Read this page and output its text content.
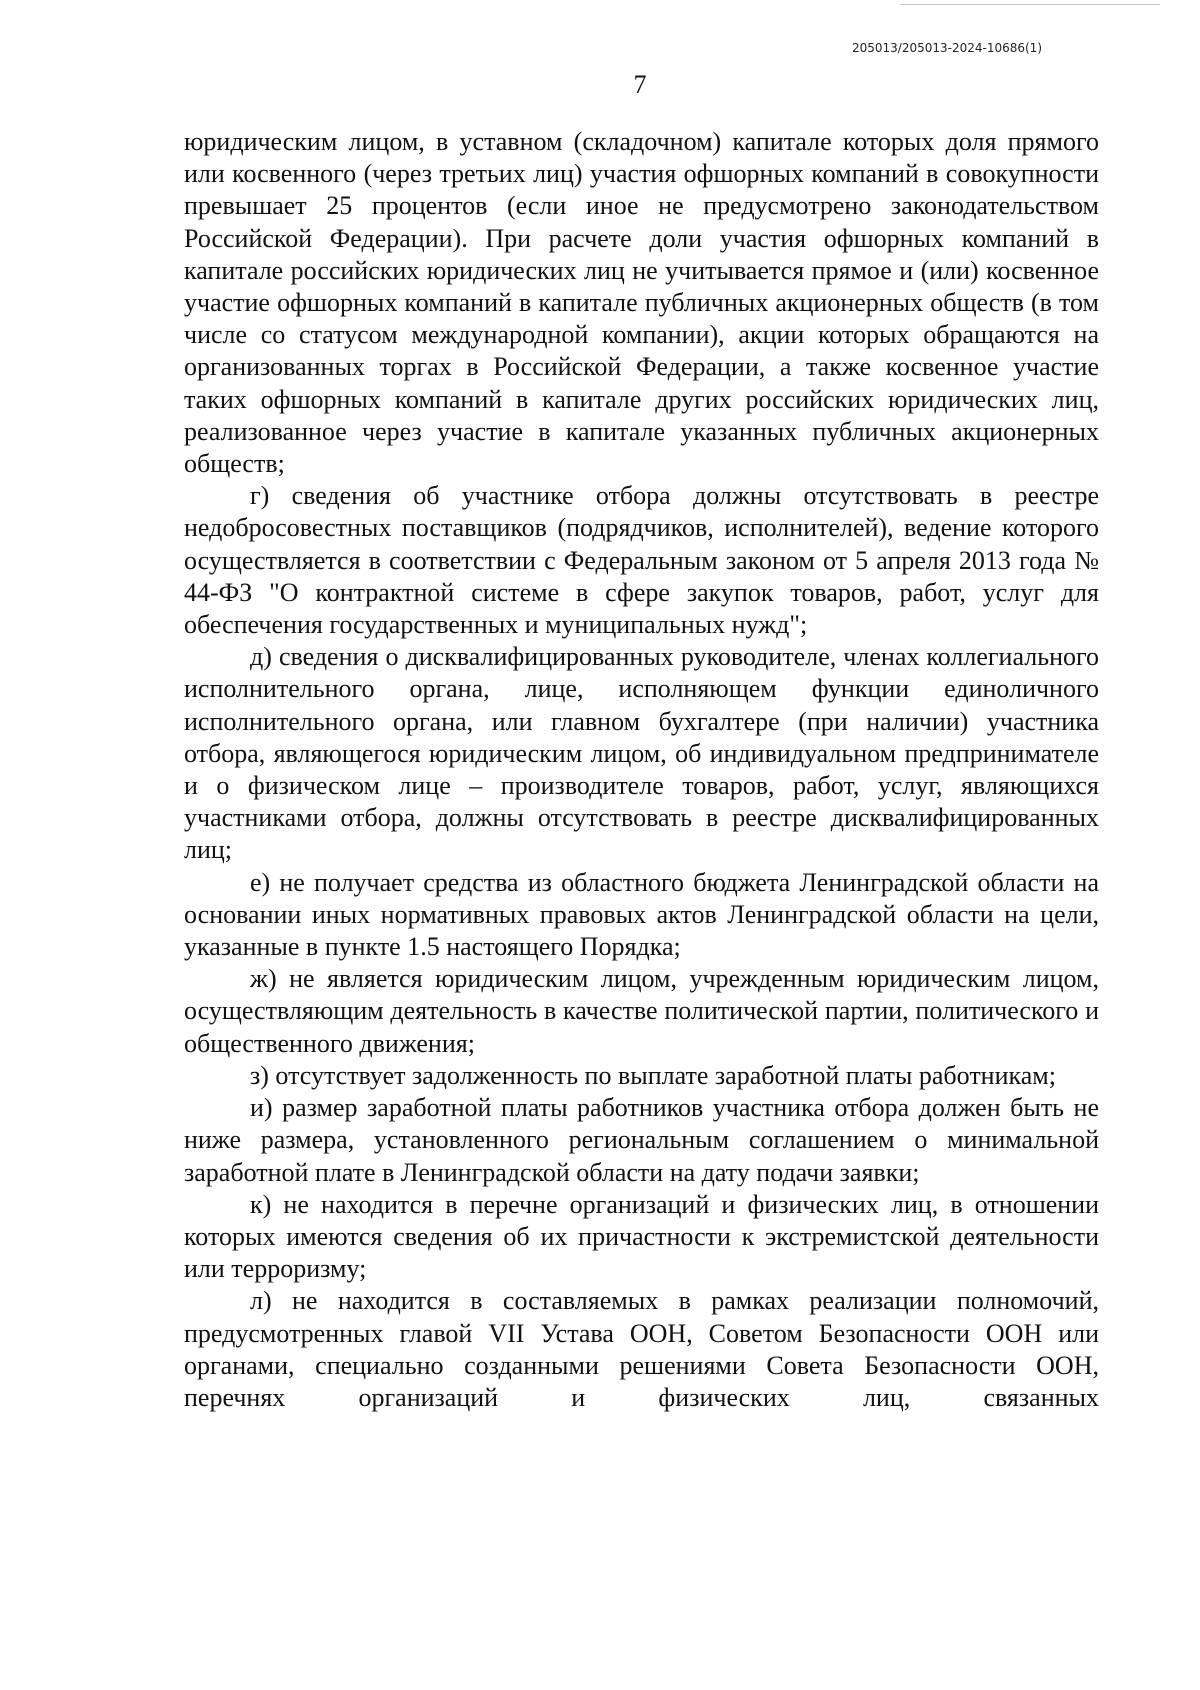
205013/205013-2024-10686(1)
7

юридическим лицом, в уставном (складочном) капитале которых доля прямого или косвенного (через третьих лиц) участия офшорных компаний в совокупности превышает 25 процентов (если иное не предусмотрено законодательством Российской Федерации). При расчете доли участия офшорных компаний в капитале российских юридических лиц не учитывается прямое и (или) косвенное участие офшорных компаний в капитале публичных акционерных обществ (в том числе со статусом международной компании), акции которых обращаются на организованных торгах в Российской Федерации, а также косвенное участие таких офшорных компаний в капитале других российских юридических лиц, реализованное через участие в капитале указанных публичных акционерных обществ;

г) сведения об участнике отбора должны отсутствовать в реестре недобросовестных поставщиков (подрядчиков, исполнителей), ведение которого осуществляется в соответствии с Федеральным законом от 5 апреля 2013 года № 44-ФЗ "О контрактной системе в сфере закупок товаров, работ, услуг для обеспечения государственных и муниципальных нужд";

д) сведения о дисквалифицированных руководителе, членах коллегиального исполнительного органа, лице, исполняющем функции единоличного исполнительного органа, или главном бухгалтере (при наличии) участника отбора, являющегося юридическим лицом, об индивидуальном предпринимателе и о физическом лице – производителе товаров, работ, услуг, являющихся участниками отбора, должны отсутствовать в реестре дисквалифицированных лиц;

е) не получает средства из областного бюджета Ленинградской области на основании иных нормативных правовых актов Ленинградской области на цели, указанные в пункте 1.5 настоящего Порядка;

ж) не является юридическим лицом, учрежденным юридическим лицом, осуществляющим деятельность в качестве политической партии, политического и общественного движения;

з) отсутствует задолженность по выплате заработной платы работникам;

и) размер заработной платы работников участника отбора должен быть не ниже размера, установленного региональным соглашением о минимальной заработной плате в Ленинградской области на дату подачи заявки;

к) не находится в перечне организаций и физических лиц, в отношении которых имеются сведения об их причастности к экстремистской деятельности или терроризму;

л) не находится в составляемых в рамках реализации полномочий, предусмотренных главой VII Устава ООН, Советом Безопасности ООН или органами, специально созданными решениями Совета Безопасности ООН, перечнях организаций и физических лиц, связанных
